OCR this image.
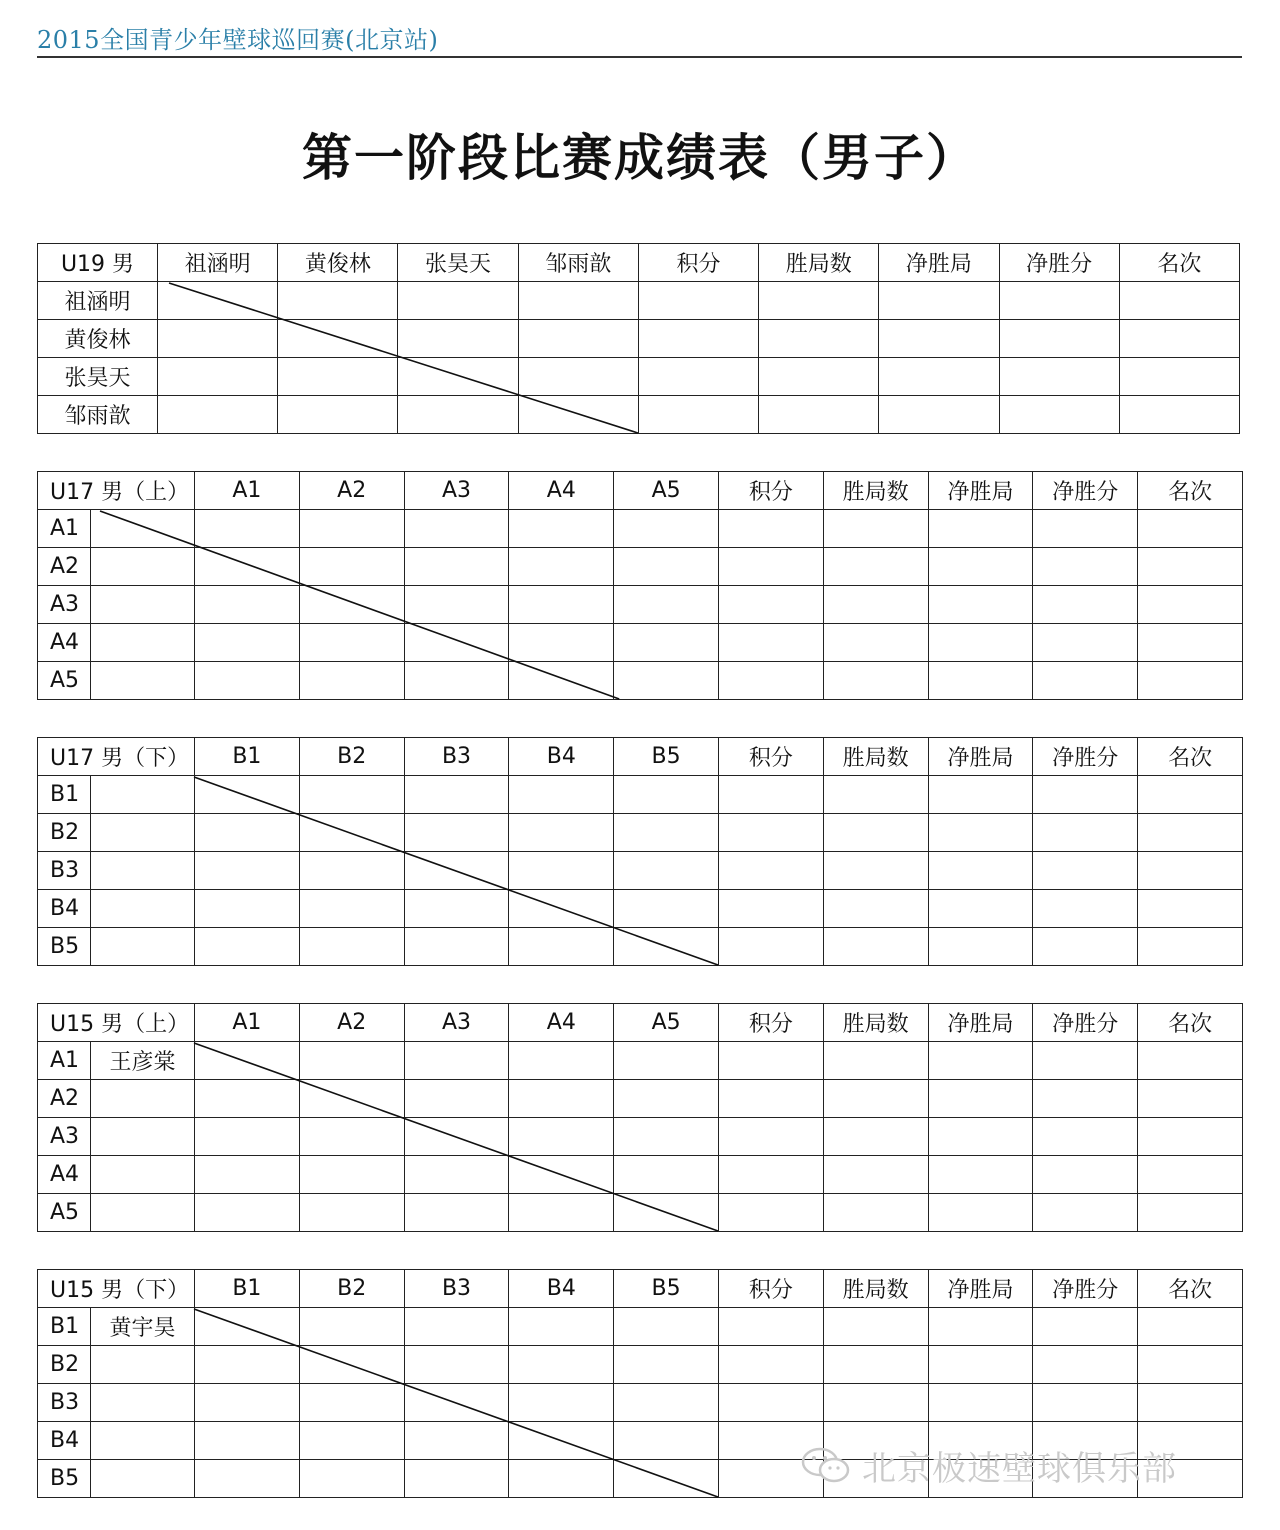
2015全国青少年壁球巡回赛(北京站)
第一阶段比赛成绩表（男子）
U19 男	祖涵明	黄俊林	张昊天	邹雨歆	积分	胜局数	净胜局	净胜分	名次
祖涵明									
黄俊林									
张昊天									
邹雨歆									
U17 男（上）		A1	A2	A3	A4	A5	积分	胜局数	净胜局	净胜分	名次
A1											
A2											
A3											
A4											
A5											
U17 男（下）		B1	B2	B3	B4	B5	积分	胜局数	净胜局	净胜分	名次
B1											
B2											
B3											
B4											
B5											
U15 男（上）		A1	A2	A3	A4	A5	积分	胜局数	净胜局	净胜分	名次
A1	王彦棠										
A2											
A3											
A4											
A5											
U15 男（下）		B1	B2	B3	B4	B5	积分	胜局数	净胜局	净胜分	名次
B1	黄宇昊										
B2											
B3											
B4											
B5												北京极速壁球俱乐部
